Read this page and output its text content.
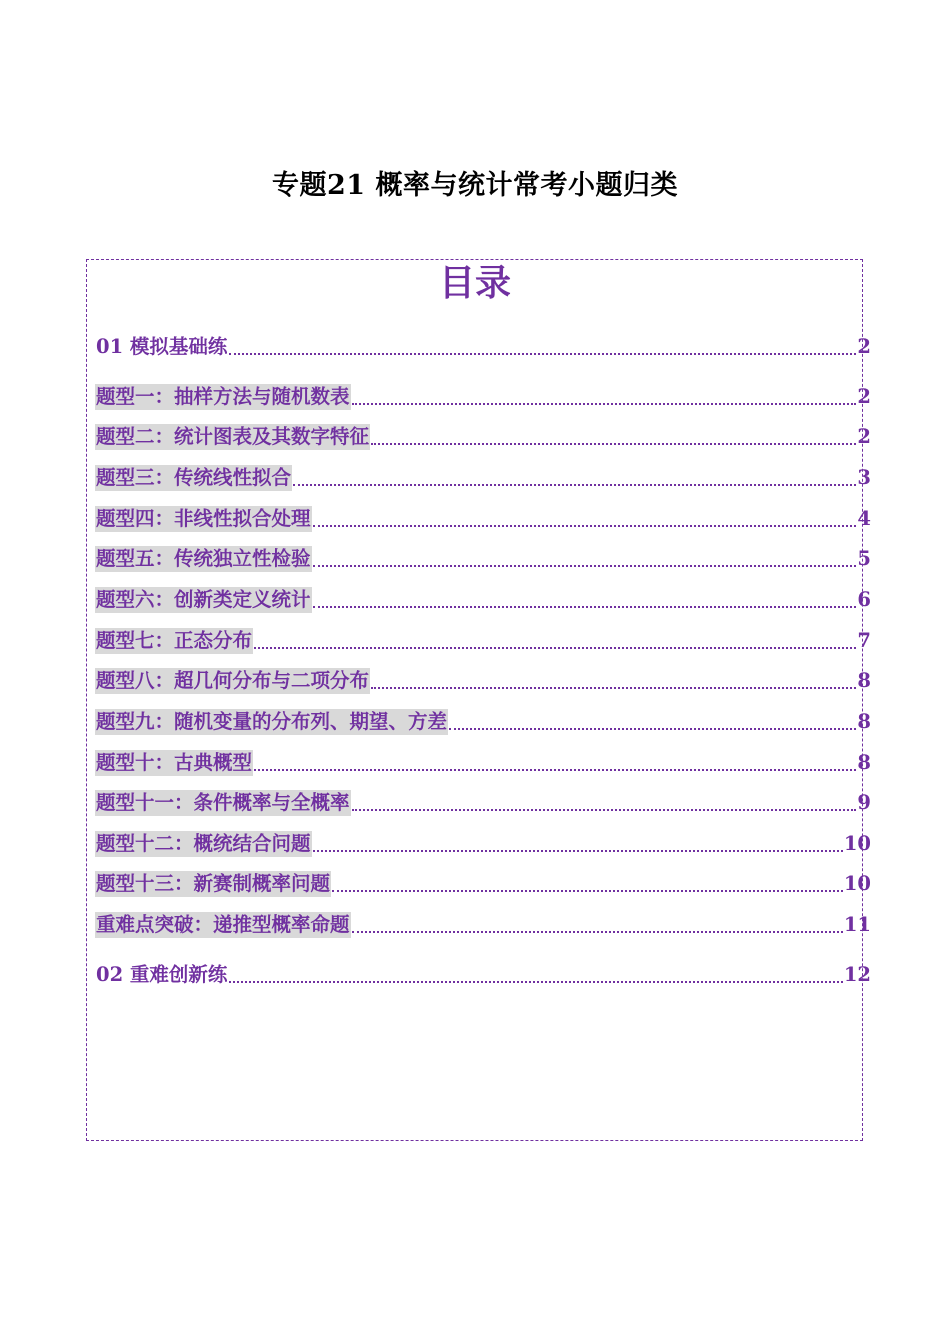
专题21 概率与统计常考小题归类
目录
01 模拟基础练	2
题型一：抽样方法与随机数表	2
题型二：统计图表及其数字特征	2
题型三：传统线性拟合	3
题型四：非线性拟合处理	4
题型五：传统独立性检验	5
题型六：创新类定义统计	6
题型七：正态分布	7
题型八：超几何分布与二项分布	8
题型九：随机变量的分布列、期望、方差	8
题型十：古典概型	8
题型十一：条件概率与全概率	9
题型十二：概统结合问题	10
题型十三：新赛制概率问题	10
重难点突破：递推型概率命题	11
02 重难创新练	12
